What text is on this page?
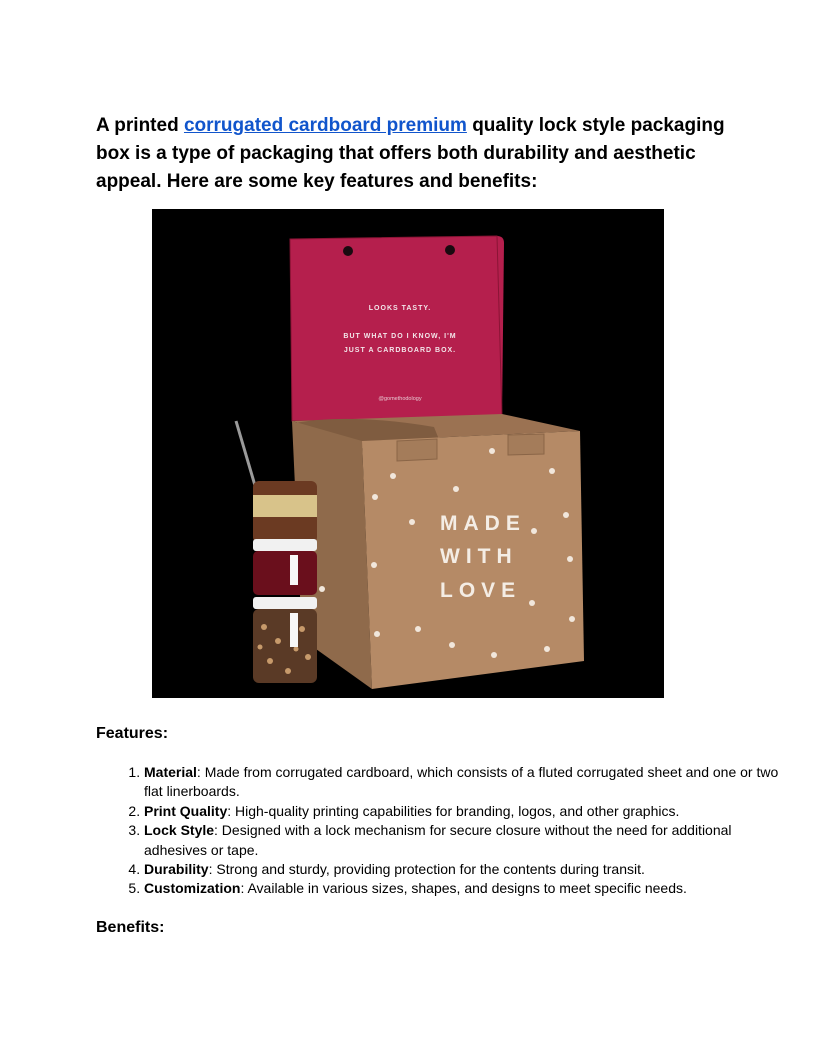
A printed corrugated cardboard premium quality lock style packaging box is a type of packaging that offers both durability and aesthetic appeal. Here are some key features and benefits:

LOOKS TASTY.
BUT WHAT DO I KNOW, I'M
JUST A CARDBOARD BOX.
@gomethodology
MADE
WITH
LOVE
Features:
1. Material: Made from corrugated cardboard, which consists of a fluted corrugated sheet and one or two flat linerboards.
2. Print Quality: High-quality printing capabilities for branding, logos, and other graphics.
3. Lock Style: Designed with a lock mechanism for secure closure without the need for additional adhesives or tape.
4. Durability: Strong and sturdy, providing protection for the contents during transit.
5. Customization: Available in various sizes, shapes, and designs to meet specific needs.
Benefits:
